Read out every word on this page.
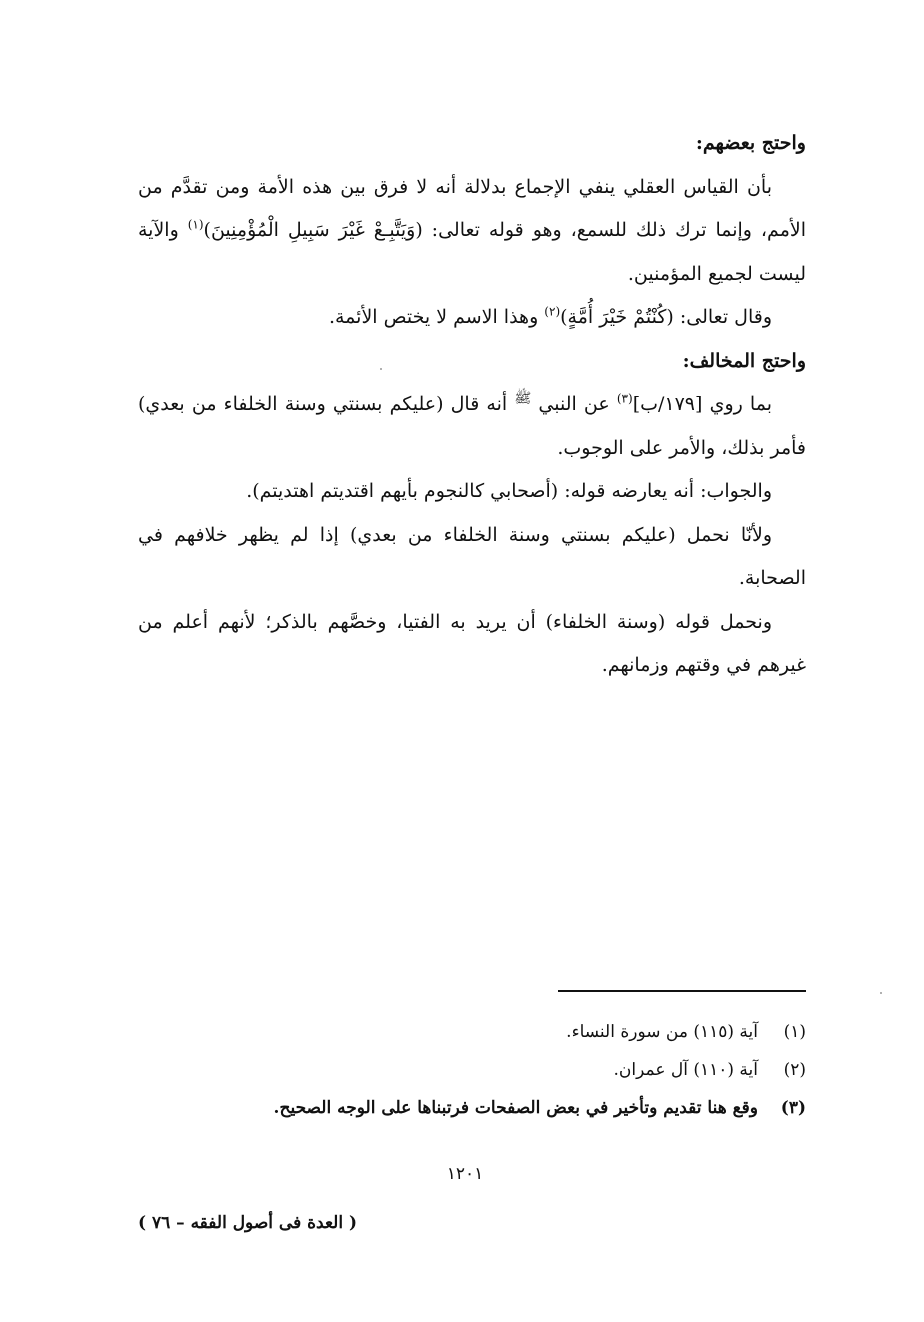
واحتج بعضهم:

بأن القياس العقلي ينفي الإجماع بدلالة أنه لا فرق بين هذه الأمة ومن تقدَّم من الأمم، وإنما ترك ذلك للسمع، وهو قوله تعالى: (وَيَتَّبِـعْ غَيْرَ سَبِيلِ الْمُؤْمِنِينَ)$^{(١)}$ والآية ليست لجميع المؤمنين.

وقال تعالى: (كُنْتُمْ خَيْرَ أُمَّةٍ)$^{(٢)}$ وهذا الاسم لا يختص الأئمة.

واحتج المخالف:

بما روي [١٧٩/ب]$^{(٣)}$ عن النبي $^ﷺ$ أنه قال (عليكم بسنتي وسنة الخلفاء من بعدي) فأمر بذلك، والأمر على الوجوب.

والجواب: أنه يعارضه قوله: (أصحابي كالنجوم بأيهم اقتديتم اهتديتم).

ولأنّا نحمل (عليكم بسنتي وسنة الخلفاء من بعدي) إذا لم يظهر خلافهم في الصحابة.

ونحمل قوله (وسنة الخلفاء) أن يريد به الفتيا، وخصَّهم بالذكر؛ لأنهم أعلم من غيرهم في وقتهم وزمانهم.

(١)
آية (١١٥) من سورة النساء.
(٢)
آية (١١٠) آل عمران.
(٣)
وقع هنا تقديم وتأخير في بعض الصفحات فرتبناها على الوجه الصحيح.
١٢٠١
( العدة فى أصول الفقه – ٧٦ )
